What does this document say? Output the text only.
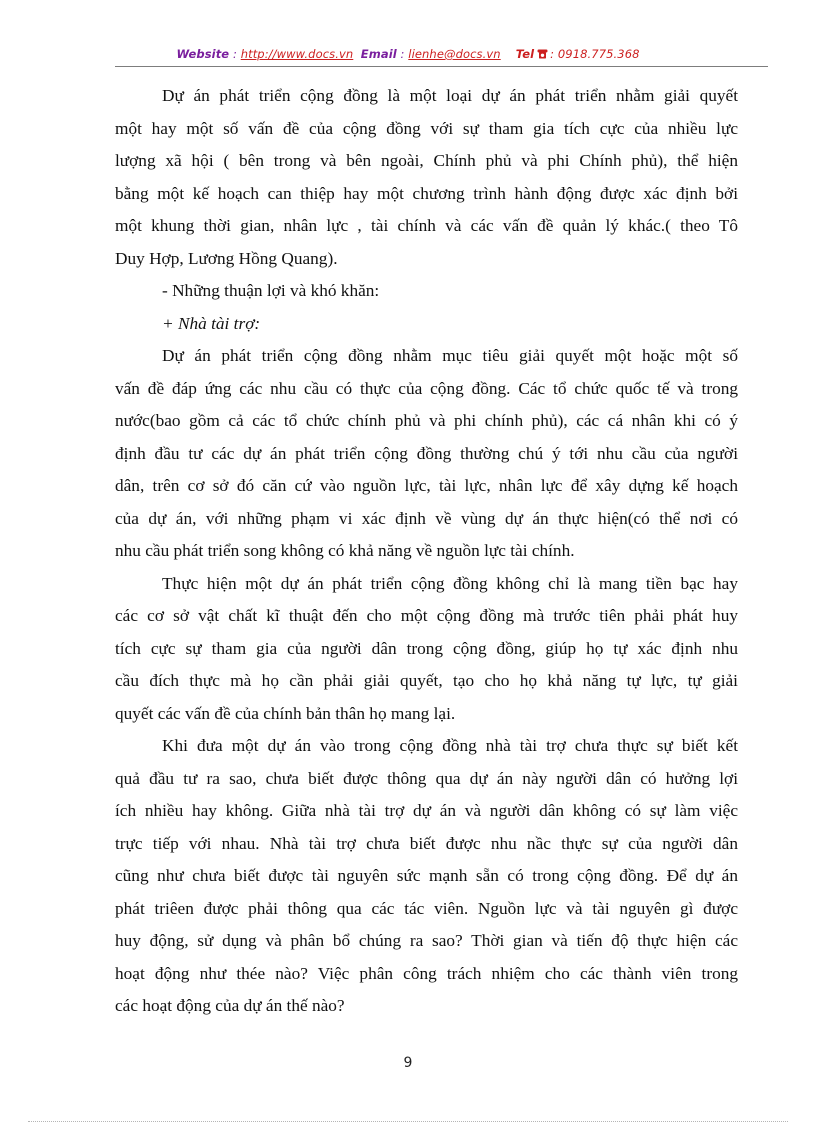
Website : http://www.docs.vn Email : lienhe@docs.vn Tel : 0918.775.368
Dự án phát triển cộng đồng là một loại dự án phát triển nhằm giải quyết
một hay một số vấn đề của cộng đồng với sự tham gia tích cực của nhiều lực
lượng xã hội ( bên trong và bên ngoài, Chính phủ và phi Chính phủ), thể hiện
bằng một kế hoạch can thiệp hay một chương trình hành động được xác định bởi
một khung thời gian, nhân lực , tài chính và các vấn đề quản lý khác.( theo Tô
Duy Hợp, Lương Hồng Quang).
- Những thuận lợi và khó khăn:
+ Nhà tài trợ:
Dự án phát triển cộng đồng nhằm mục tiêu giải quyết một hoặc một số
vấn đề đáp ứng các nhu cầu có thực của cộng đồng. Các tổ chức quốc tế và trong
nước(bao gồm cả các tổ chức chính phủ và phi chính phủ), các cá nhân khi có ý
định đầu tư các dự án phát triển cộng đồng thường chú ý tới nhu cầu của người
dân, trên cơ sở đó căn cứ vào nguồn lực, tài lực, nhân lực để xây dựng kế hoạch
của dự án, với những phạm vi xác định về vùng dự án thực hiện(có thể nơi có
nhu cầu phát triển song không có khả năng về nguồn lực tài chính.
Thực hiện một dự án phát triển cộng đồng không chỉ là mang tiền bạc hay
các cơ sở vật chất kĩ thuật đến cho một cộng đồng mà trước tiên phải phát huy
tích cực sự tham gia của người dân trong cộng đồng, giúp họ tự xác định nhu
cầu đích thực mà họ cần phải giải quyết, tạo cho họ khả năng tự lực, tự giải
quyết các vấn đề của chính bản thân họ mang lại.
Khi đưa một dự án vào trong cộng đồng nhà tài trợ chưa thực sự biết kết
quả đầu tư ra sao, chưa biết được thông qua dự án này người dân có hưởng lợi
ích nhiều hay không. Giữa nhà tài trợ dự án và người dân không có sự làm việc
trực tiếp với nhau. Nhà tài trợ chưa biết được nhu nầc thực sự của người dân
cũng như chưa biết được tài nguyên sức mạnh sẵn có trong cộng đồng. Để dự án
phát triêen được phải thông qua các tác viên. Nguồn lực và tài nguyên gì được
huy động, sử dụng và phân bổ chúng ra sao? Thời gian và tiến độ thực hiện các
hoạt động như thée nào? Việc phân công trách nhiệm cho các thành viên trong
các hoạt động của dự án thế nào?
9
